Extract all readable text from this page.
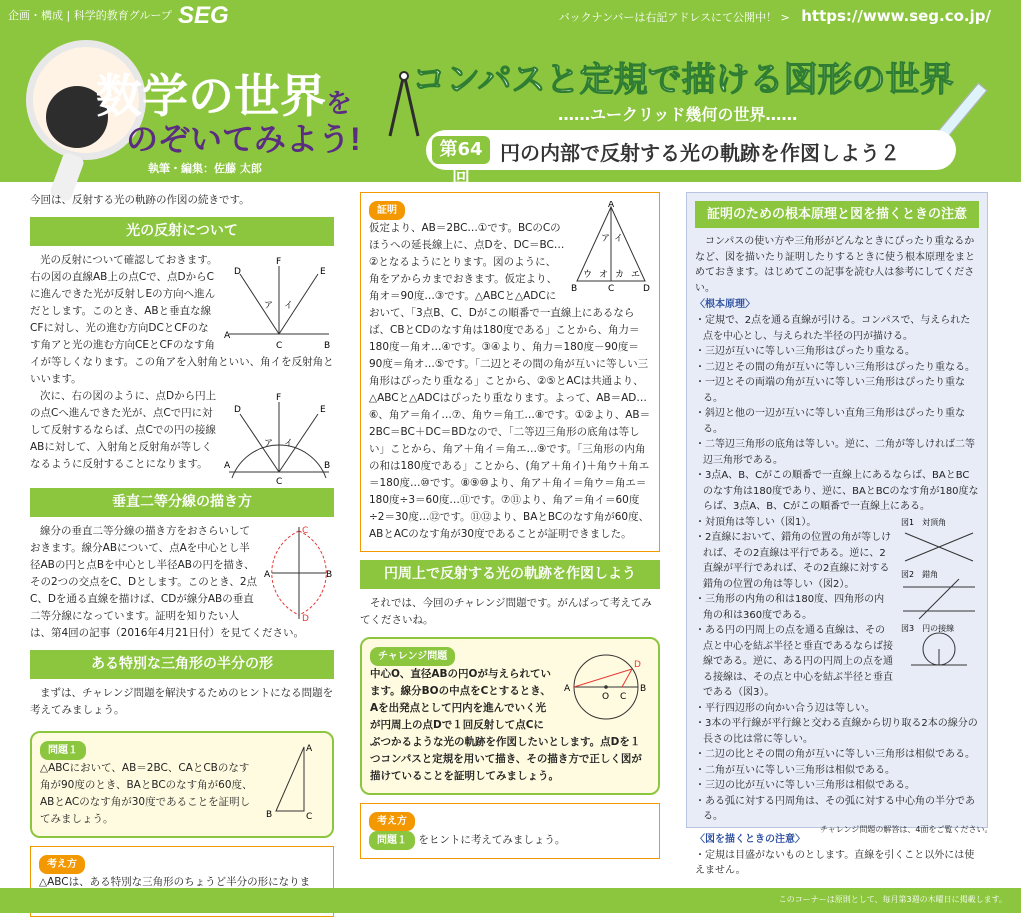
企画・構成 | 科学的教育グループ SEG	バックナンバーは右記アドレスにて公開中！ > https://www.seg.co.jp/
数学の世界を
のぞいてみよう!
執筆・編集：佐藤 太郎
コンパスと定規で描ける図形の世界
……ユークリッド幾何の世界……
第64回
円の内部で反射する光の軌跡を作図しよう２
今回は、反射する光の軌跡の作図の続きです。
光の反射について
A
B
C
D	E
F
ア イ
光の反射について確認しておきます。右の図の直線AB上の点Cで、点DからCに進んできた光が反射しEの方向へ進んだとします。このとき、ABと垂直な線CFに対し、光の進む方向DCとCFのなす角アと光の進む方向CEとCFのなす角イが等しくなります。この角アを入射角といい、角イを反射角といいます。
A	B
C
D	E
F
ア イ
次に、右の図のように、点Dから円上の点Cへ進んできた光が、点Cで円に対して反射するならば、点Cでの円の接線ABに対して、入射角と反射角が等しくなるように反射することになります。
垂直二等分線の描き方
A	B
C
D
線分の垂直二等分線の描き方をおさらいしておきます。線分ABについて、点Aを中心とし半径ABの円と点Bを中心とし半径ABの円を描き、その2つの交点をC、Dとします。このとき、2点C、Dを通る直線を描けば、CDが線分ABの垂直二等分線になっています。証明を知りたい人は、第4回の記事（2016年4月21日付）を見てください。
ある特別な三角形の半分の形
まずは、チャレンジ問題を解決するためのヒントになる問題を考えてみましょう。
問題１	A
B	C
△ABCにおいて、AB＝2BC、CAとCBのなす角が90度のとき、BAとBCのなす角が60度、ABとACのなす角が30度であることを証明してみましょう。
考え方
△ABCは、ある特別な三角形のちょうど半分の形になりま
証明	A
B	C	D
ア イ
ウ オ カ エ
仮定より、AB＝2BC…①です。BCのCのほうへの延長線上に、点Dを、DC＝BC…②となるようにとります。図のように、角をアからカまでおきます。仮定より、角オ＝90度…③です。△ABCと△ADCにおいて、「3点B、C、Dがこの順番で一直線上にあるならば、CBとCDのなす角は180度である」ことから、角力＝180度－角オ…④です。③④より、角力＝180度－90度＝90度＝角オ…⑤です。「二辺とその間の角が互いに等しい三角形はぴったり重なる」ことから、②⑤とACは共通より、△ABCと△ADCはぴったり重なります。よって、AB＝AD…⑥、角ア＝角イ…⑦、角ウ＝角工…⑧です。①②より、AB＝2BC＝BC＋DC＝BDなので、「二等辺三角形の底角は等しい」ことから、角ア＋角イ＝角エ…⑨です。「三角形の内角の和は180度である」ことから、(角ア＋角イ)＋角ウ＋角エ＝180度…⑩です。⑧⑨⑩より、角ア＋角イ＝角ウ＝角エ＝180度÷3＝60度…⑪です。⑦⑪より、角ア＝角イ＝60度÷2＝30度…⑫です。⑪⑫より、BAとBCのなす角が60度、ABとACのなす角が30度であることが証明できました。
円周上で反射する光の軌跡を作図しよう
それでは、今回のチャレンジ問題です。がんばって考えてみてくださいね。
チャレンジ問題
A	B
O C
D
中心O、直径ABの円Oが与えられています。線分BOの中点をCとするとき、Aを出発点として円内を進んでいく光が円周上の点Dで１回反射して点Cにぶつかるような光の軌跡を作図したいとします。点Dを１つコンパスと定規を用いて描き、その描き方で正しく図が描けていることを証明してみましょう。
考え方
問題１ をヒントに考えてみましょう。
証明のための根本原理と図を描くときの注意
コンパスの使い方や三角形がどんなときにぴったり重なるかなど、図を描いたり証明したりするときに使う根本原理をまとめておきます。はじめてこの記事を読む人は参考にしてください。
〈根本原理〉
・定規で、2点を通る直線が引ける。コンパスで、与えられた点を中心とし、与えられた半径の円が描ける。
・三辺が互いに等しい三角形はぴったり重なる。
・二辺とその間の角が互いに等しい三角形はぴったり重なる。
・一辺とその両端の角が互いに等しい三角形はぴったり重なる。
・斜辺と他の一辺が互いに等しい直角三角形はぴったり重なる。
・二等辺三角形の底角は等しい。逆に、二角が等しければ二等辺三角形である。
・3点A、B、Cがこの順番で一直線上にあるならば、BAとBCのなす角は180度であり、逆に、BAとBCのなす角が180度ならば、3点A、B、Cがこの順番で一直線上にある。
図1　対頂角
図2　錯角
図3　円の接線
・対頂角は等しい（図1）。
・2直線において、錯角の位置の角が等しければ、その2直線は平行である。逆に、2直線が平行であれば、その2直線に対する錯角の位置の角は等しい（図2）。
・三角形の内角の和は180度、四角形の内角の和は360度である。
・ある円の円周上の点を通る直線は、その点と中心を結ぶ半径と垂直であるならば接線である。逆に、ある円の円周上の点を通る接線は、その点と中心を結ぶ半径と垂直である（図3）。
・平行四辺形の向かい合う辺は等しい。
・3本の平行線が平行線と交わる直線から切り取る2本の線分の長さの比は常に等しい。
・二辺の比とその間の角が互いに等しい三角形は相似である。
・二角が互いに等しい三角形は相似である。
・三辺の比が互いに等しい三角形は相似である。
・ある弧に対する円周角は、その弧に対する中心角の半分である。
〈図を描くときの注意〉
・定規は目盛がないものとします。直線を引くこと以外には使えません。
チャレンジ問題の解答は、4面をご覧ください。
このコーナーは原則として、毎月第3週の木曜日に掲載します。
